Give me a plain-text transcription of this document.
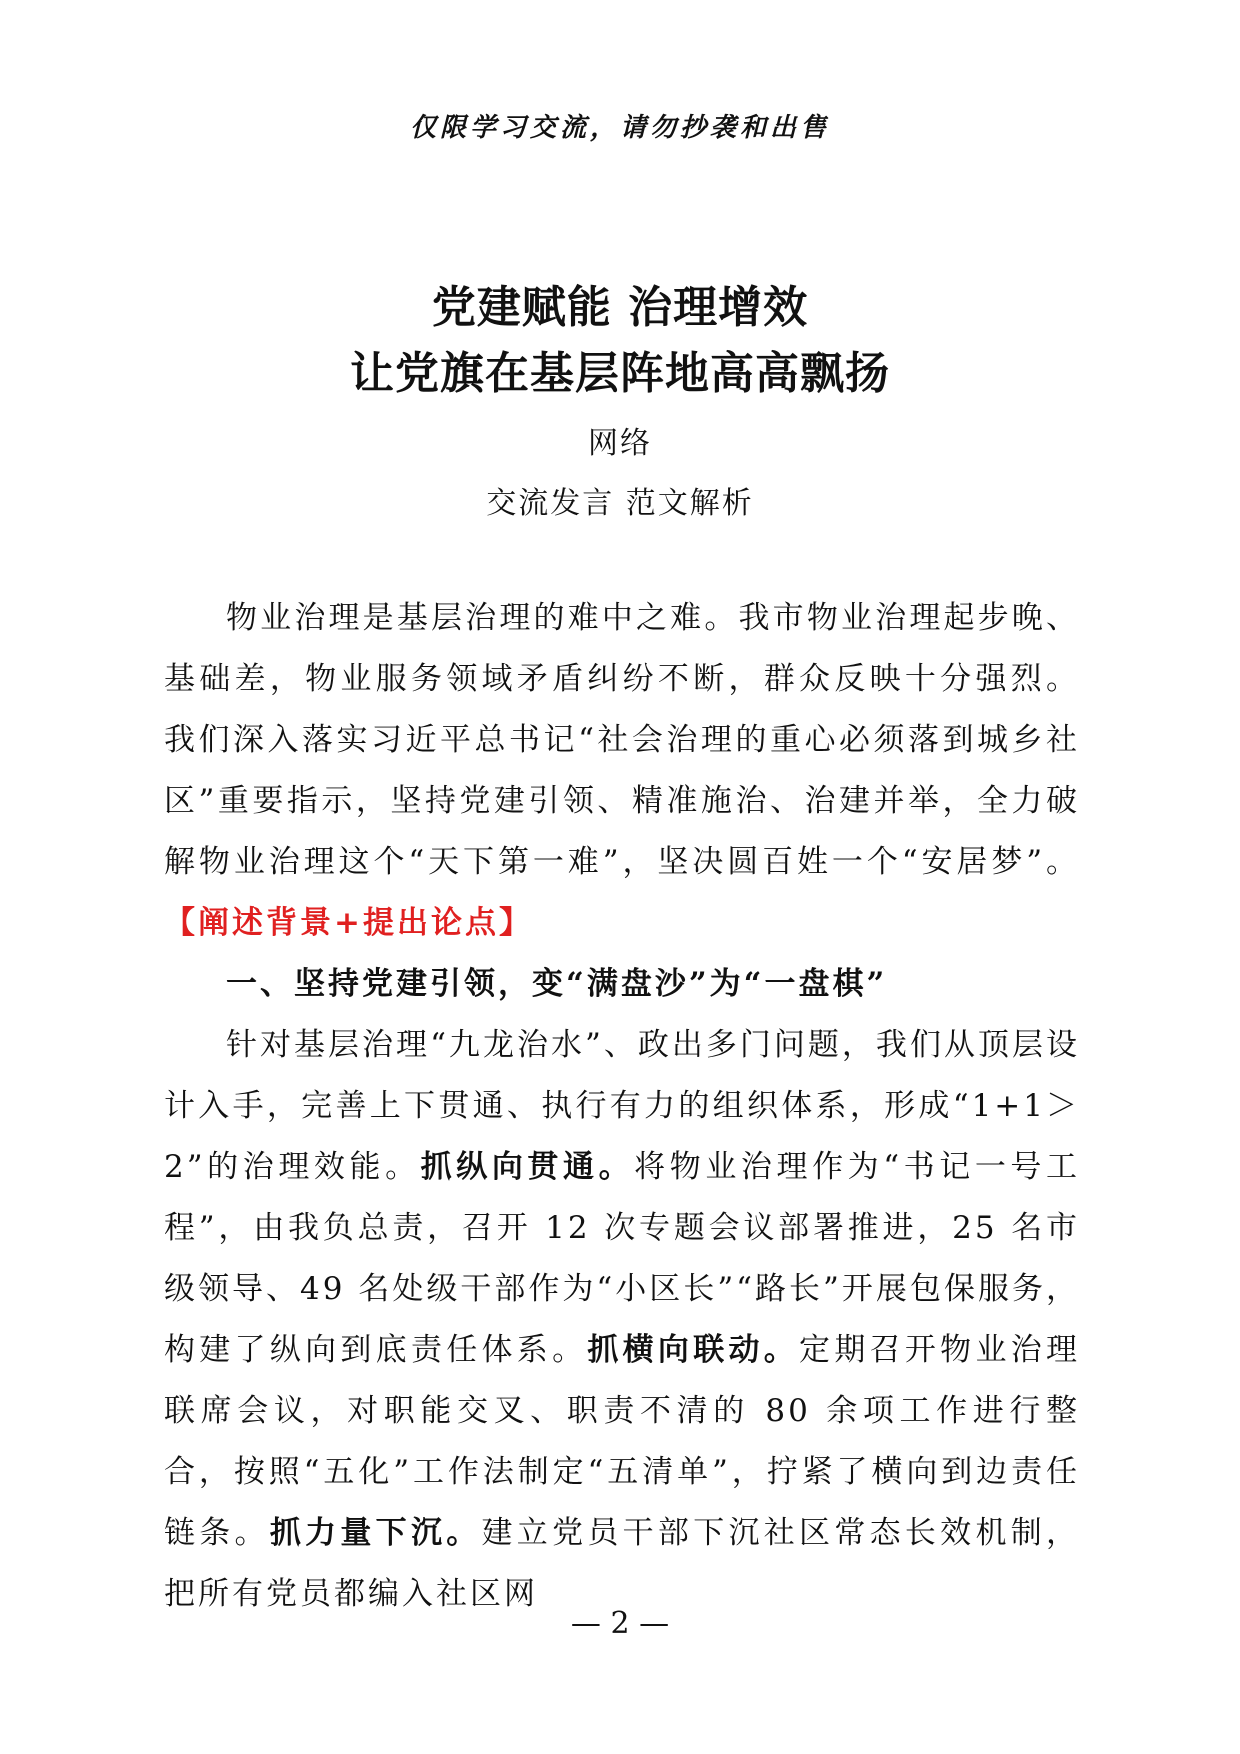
仅限学习交流，请勿抄袭和出售
党建赋能 治理增效
让党旗在基层阵地高高飘扬
网络
交流发言 范文解析

物业治理是基层治理的难中之难。我市物业治理起步晚、基础差，物业服务领域矛盾纠纷不断，群众反映十分强烈。我们深入落实习近平总书记“社会治理的重心必须落到城乡社区”重要指示，坚持党建引领、精准施治、治建并举，全力破解物业治理这个“天下第一难”，坚决圆百姓一个“安居梦”。【阐述背景+提出论点】

一、坚持党建引领，变“满盘沙”为“一盘棋”

针对基层治理“九龙治水”、政出多门问题，我们从顶层设计入手，完善上下贯通、执行有力的组织体系，形成“1+1＞2”的治理效能。抓纵向贯通。将物业治理作为“书记一号工程”，由我负总责，召开 12 次专题会议部署推进，25 名市级领导、49 名处级干部作为“小区长”“路长”开展包保服务，构建了纵向到底责任体系。抓横向联动。定期召开物业治理联席会议，对职能交叉、职责不清的 80 余项工作进行整合，按照“五化”工作法制定“五清单”，拧紧了横向到边责任链条。抓力量下沉。建立党员干部下沉社区常态长效机制，把所有党员都编入社区网

— 2 —
